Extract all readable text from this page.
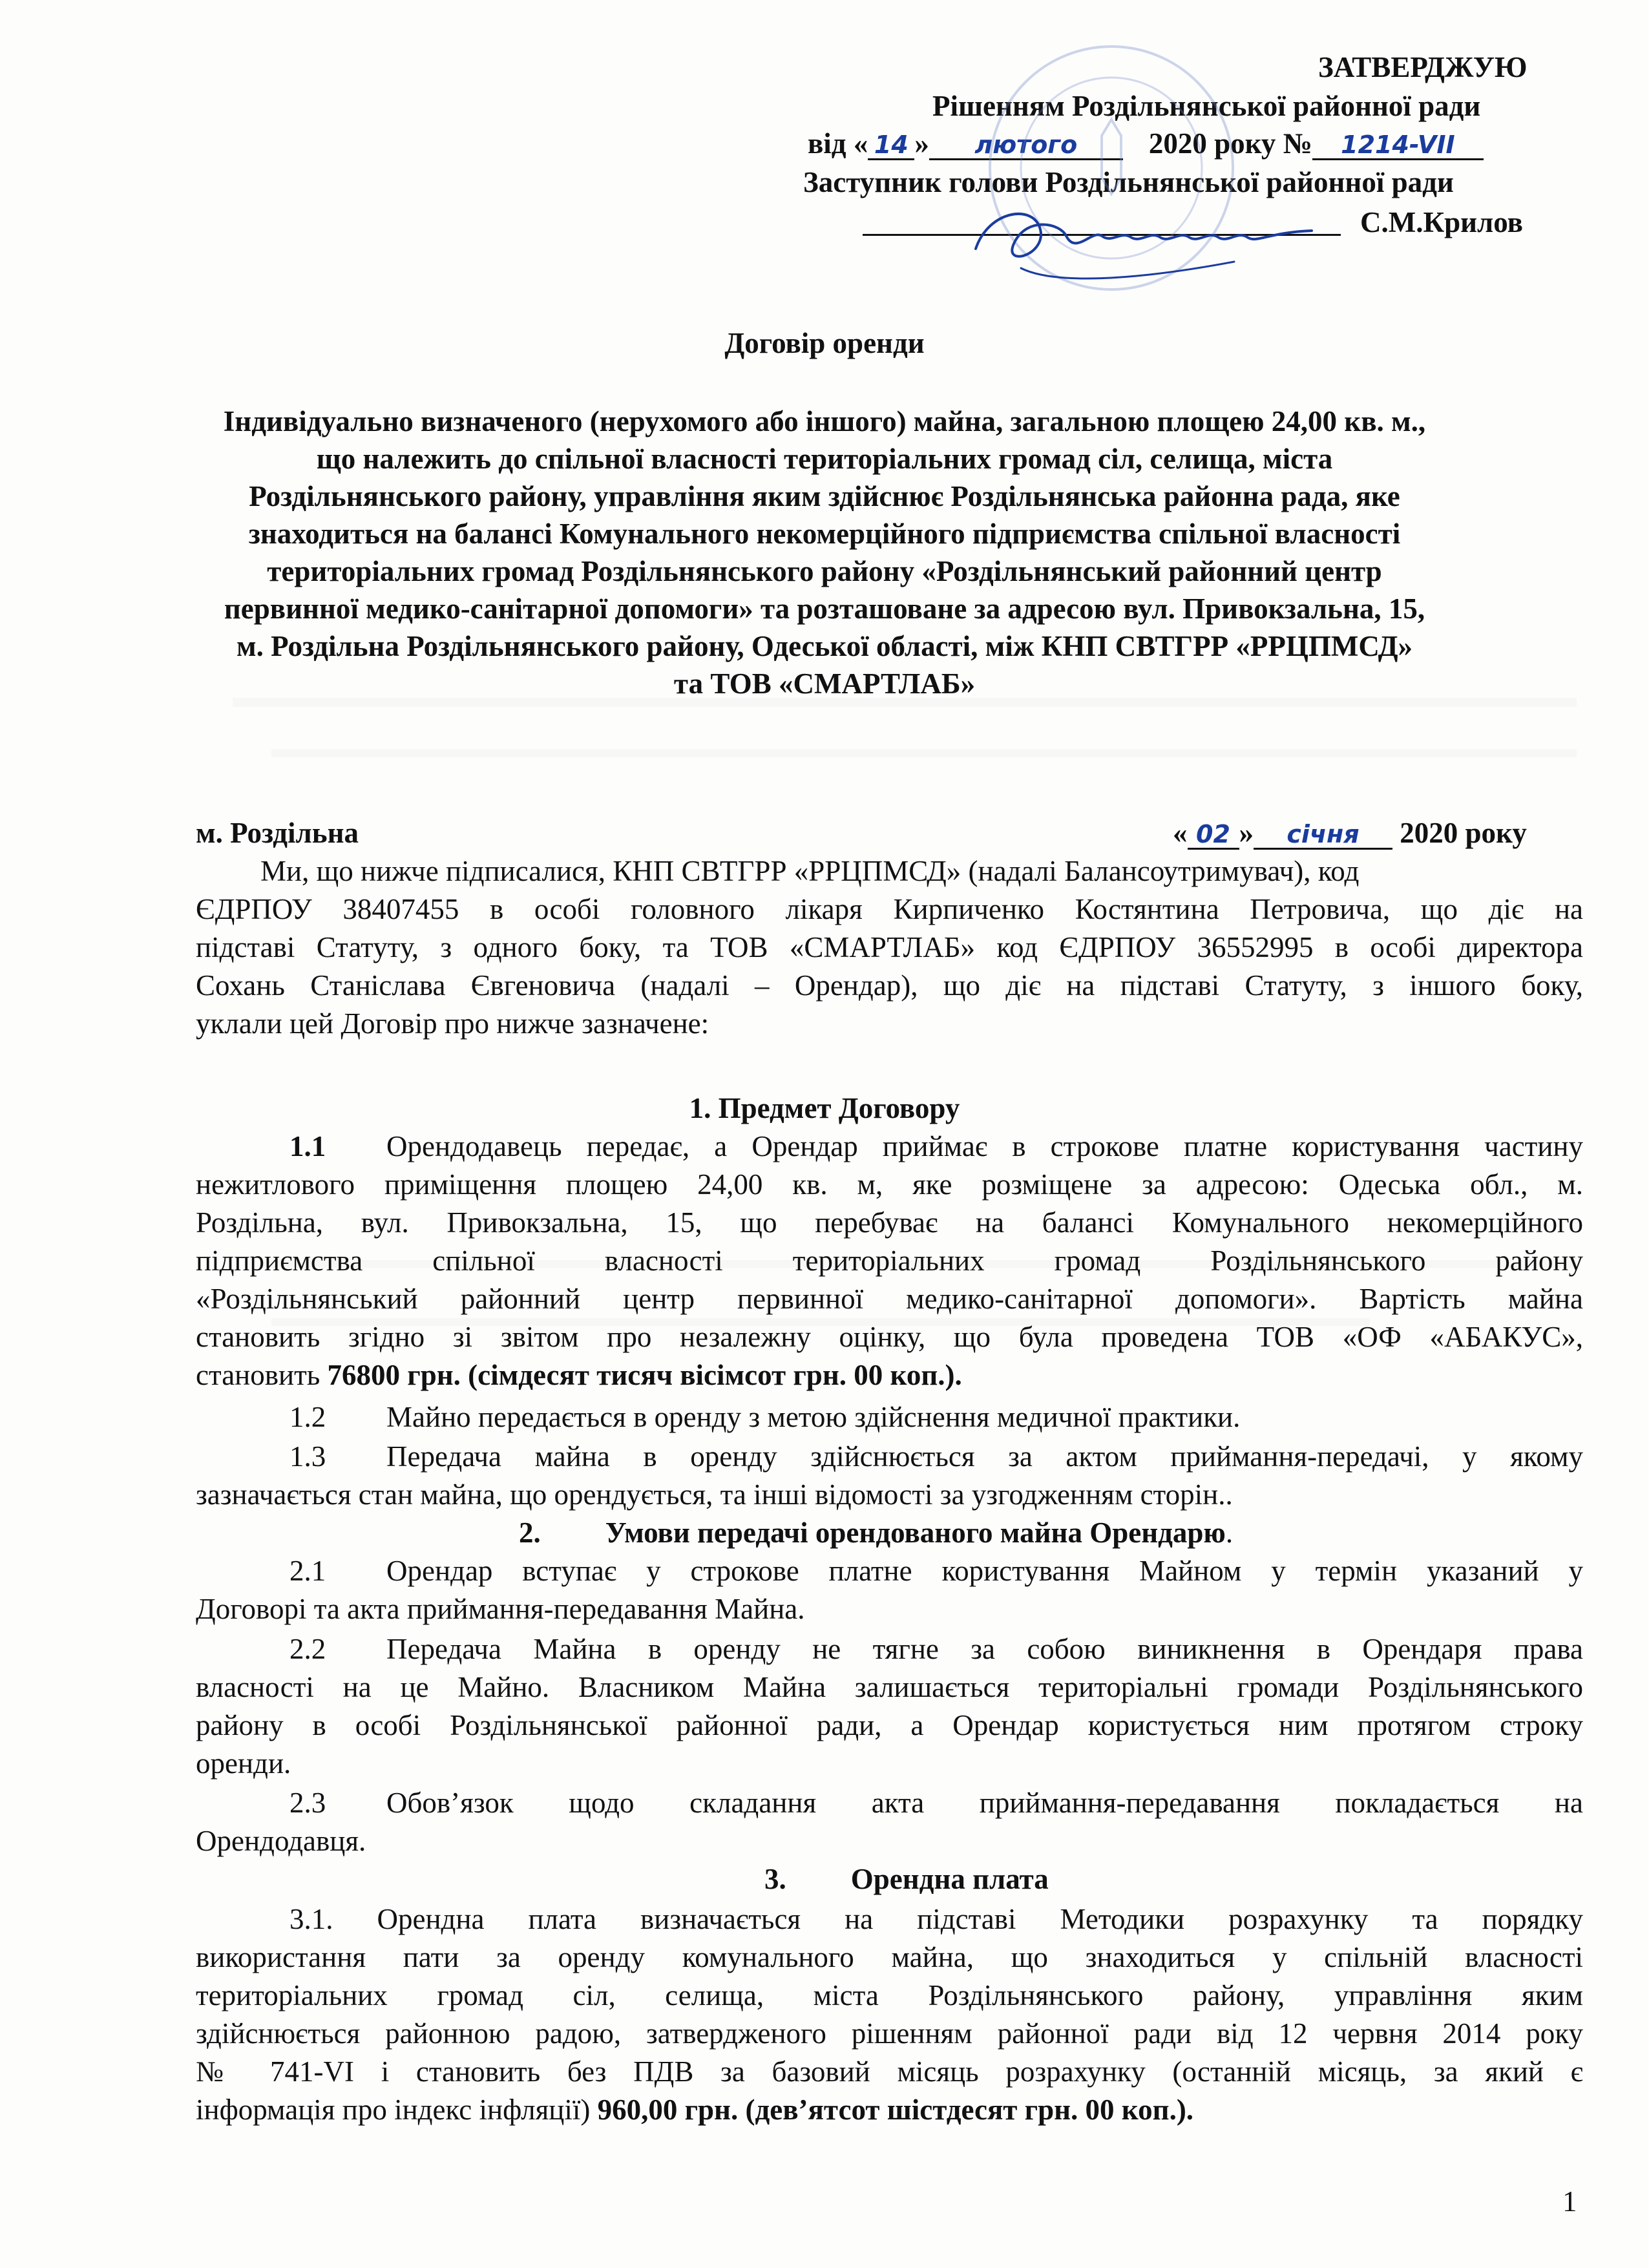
ЗАТВЕРДЖУЮ
Рішенням Роздільнянської районної ради
від « 14 » лютого 2020 року № 1214-VII
Заступник голови Роздільнянської районної ради
С.М.Крилов
Договір оренди
Індивідуально визначеного (нерухомого або іншого) майна, загальною площею 24,00 кв. м.,
що належить до спільної власності територіальних громад сіл, селища, міста
Роздільнянського району, управління яким здійснює Роздільнянська районна рада, яке
знаходиться на балансі Комунального некомерційного підприємства спільної власності
територіальних громад Роздільнянського району «Роздільнянський районний центр
первинної медико-санітарної допомоги» та розташоване за адресою вул. Привокзальна, 15,
м. Роздільна Роздільнянського району, Одеської області, між КНП СВТГРР «РРЦПМСД»
та ТОВ «СМАРТЛАБ»
м. Роздільна	« 02 » січня 2020 року
Ми, що нижче підписалися, КНП СВТГРР «РРЦПМСД» (надалі Балансоутримувач), код
ЄДРПОУ 38407455 в особі головного лікаря Кирпиченко Костянтина Петровича, що діє на
підставі Статуту, з одного боку, та ТОВ «СМАРТЛАБ» код ЄДРПОУ 36552995 в особі директора
Сохань Станіслава Євгеновича (надалі – Орендар), що діє на підставі Статуту, з іншого боку,
уклали цей Договір про нижче зазначене:
1. Предмет Договору
1.1 Орендодавець передає, а Орендар приймає в строкове платне користування частину
нежитлового приміщення площею 24,00 кв. м, яке розміщене за адресою: Одеська обл., м.
Роздільна, вул. Привокзальна, 15, що перебуває на балансі Комунального некомерційного
підприємства спільної власності територіальних громад Роздільнянського району
«Роздільнянський районний центр первинної медико-санітарної допомоги». Вартість майна
становить згідно зі звітом про незалежну оцінку, що була проведена ТОВ «ОФ «АБАКУС»,
становить 76800 грн. (сімдесят тисяч вісімсот грн. 00 коп.).
1.2 Майно передається в оренду з метою здійснення медичної практики.
1.3 Передача майна в оренду здійснюється за актом приймання-передачі, у якому
зазначається стан майна, що орендується, та інші відомості за узгодженням сторін..
2. Умови передачі орендованого майна Орендарю.
2.1 Орендар вступає у строкове платне користування Майном у термін указаний у
Договорі та акта приймання-передавання Майна.
2.2 Передача Майна в оренду не тягне за собою виникнення в Орендаря права
власності на це Майно. Власником Майна залишається територіальні громади Роздільнянського
району в особі Роздільнянської районної ради, а Орендар користується ним протягом строку
оренди.
2.3 Обов’язок щодо складання акта приймання-передавання покладається на
Орендодавця.
3. Орендна плата
3.1. Орендна плата визначається на підставі Методики розрахунку та порядку
використання пати за оренду комунального майна, що знаходиться у спільній власності
територіальних громад сіл, селища, міста Роздільнянського району, управління яким
здійснюється районною радою, затвердженого рішенням районної ради від 12 червня 2014 року
№ 741-VI і становить без ПДВ за базовий місяць розрахунку (останній місяць, за який є
інформація про індекс інфляції) 960,00 грн. (дев’ятсот шістдесят грн. 00 коп.).
1
